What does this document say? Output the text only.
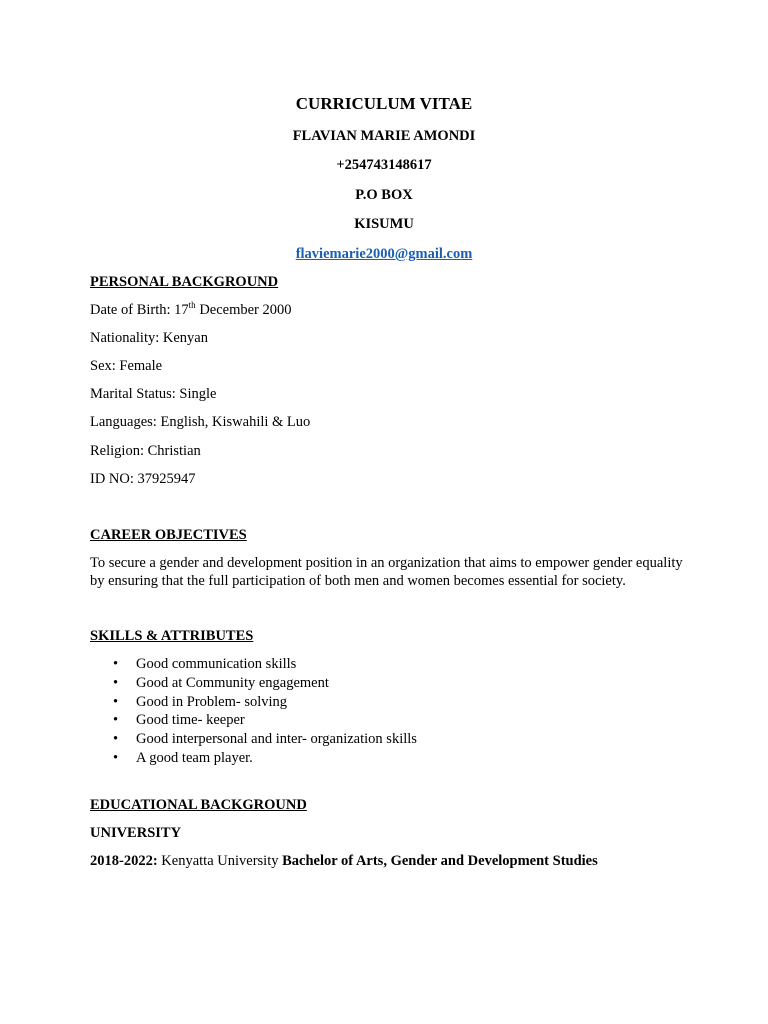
CURRICULUM VITAE
FLAVIAN MARIE AMONDI
+254743148617
P.O BOX
KISUMU
flaviemarie2000@gmail.com
PERSONAL BACKGROUND
Date of Birth: 17th December 2000
Nationality: Kenyan
Sex: Female
Marital Status: Single
Languages: English, Kiswahili & Luo
Religion: Christian
ID NO: 37925947
CAREER OBJECTIVES

To secure a gender and development position in an organization that aims to empower gender equality by ensuring that the full participation of both men and women becomes essential for society.

SKILLS & ATTRIBUTES
• Good communication skills
• Good at Community engagement
• Good in Problem- solving
• Good time- keeper
• Good interpersonal and inter- organization skills
• A good team player.
EDUCATIONAL BACKGROUND
UNIVERSITY
2018-2022: Kenyatta University Bachelor of Arts, Gender and Development Studies
